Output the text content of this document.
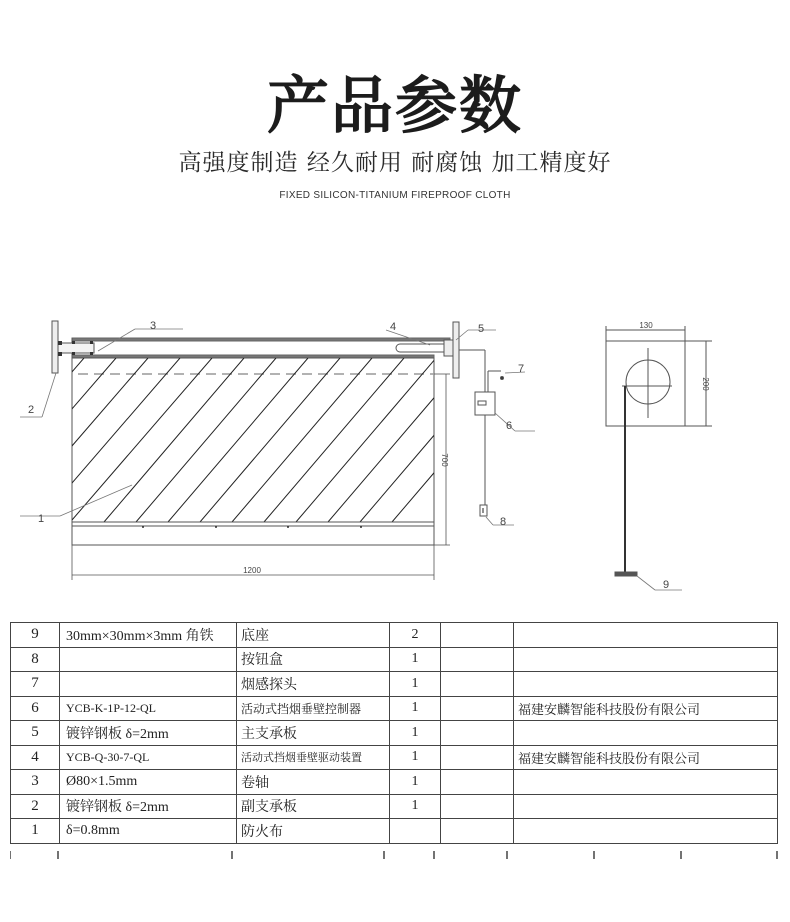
产品参数
高强度制造 经久耐用 耐腐蚀 加工精度好
FIXED SILICON-TITANIUM FIREPROOF CLOTH
1200
700
130
200
1
2
3	4	5
7
6
8
9
9	30mm×30mm×3mm 角铁	底座	2		
8		按钮盒	1		
7		烟感探头	1		
6	YCB-K-1P-12-QL	活动式挡烟垂壁控制器	1		福建安麟智能科技股份有限公司
5	镀锌钢板 δ=2mm	主支承板	1		
4	YCB-Q-30-7-QL	活动式挡烟垂壁驱动装置	1		福建安麟智能科技股份有限公司
3	Ø80×1.5mm	卷轴	1		
2	镀锌钢板 δ=2mm	副支承板	1		
1	δ=0.8mm	防火布			
